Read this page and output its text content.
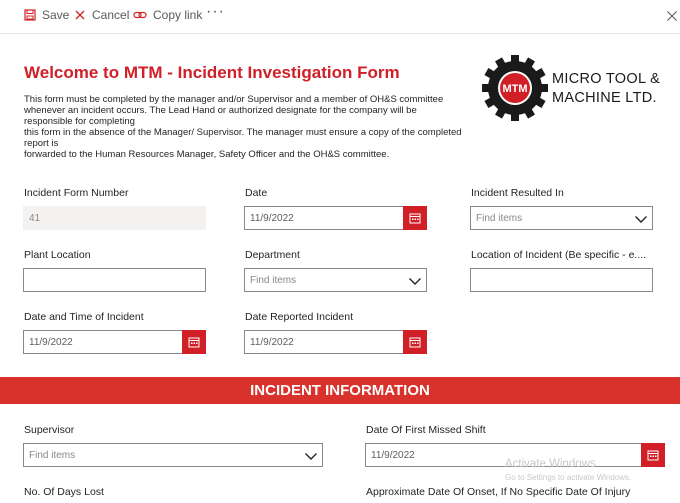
Save Cancel Copy link ···
Welcome to MTM - Incident Investigation Form
This form must be completed by the manager and/or Supervisor and a member of OH&S committee
whenever an incident occurs. The Lead Hand or authorized designate for the company will be responsible for completing
this form in the absence of the Manager/ Supervisor. The manager must ensure a copy of the completed report is
forwarded to the Human Resources Manager, Safety Officer and the OH&S committee.
MTM
MICRO TOOL &
MACHINE LTD.
Incident Form Number
41
Date
11/9/2022
Incident Resulted In
Find items
Plant Location	Department
Find items
Location of Incident (Be specific - e....
Date and Time of Incident
11/9/2022
Date Reported Incident
11/9/2022
INCIDENT INFORMATION
Supervisor
Find items
Date Of First Missed Shift
11/9/2022
No. Of Days Lost	Approximate Date Of Onset, If No Specific Date Of Injury
Activate Windows
Go to Settings to activate Windows.
